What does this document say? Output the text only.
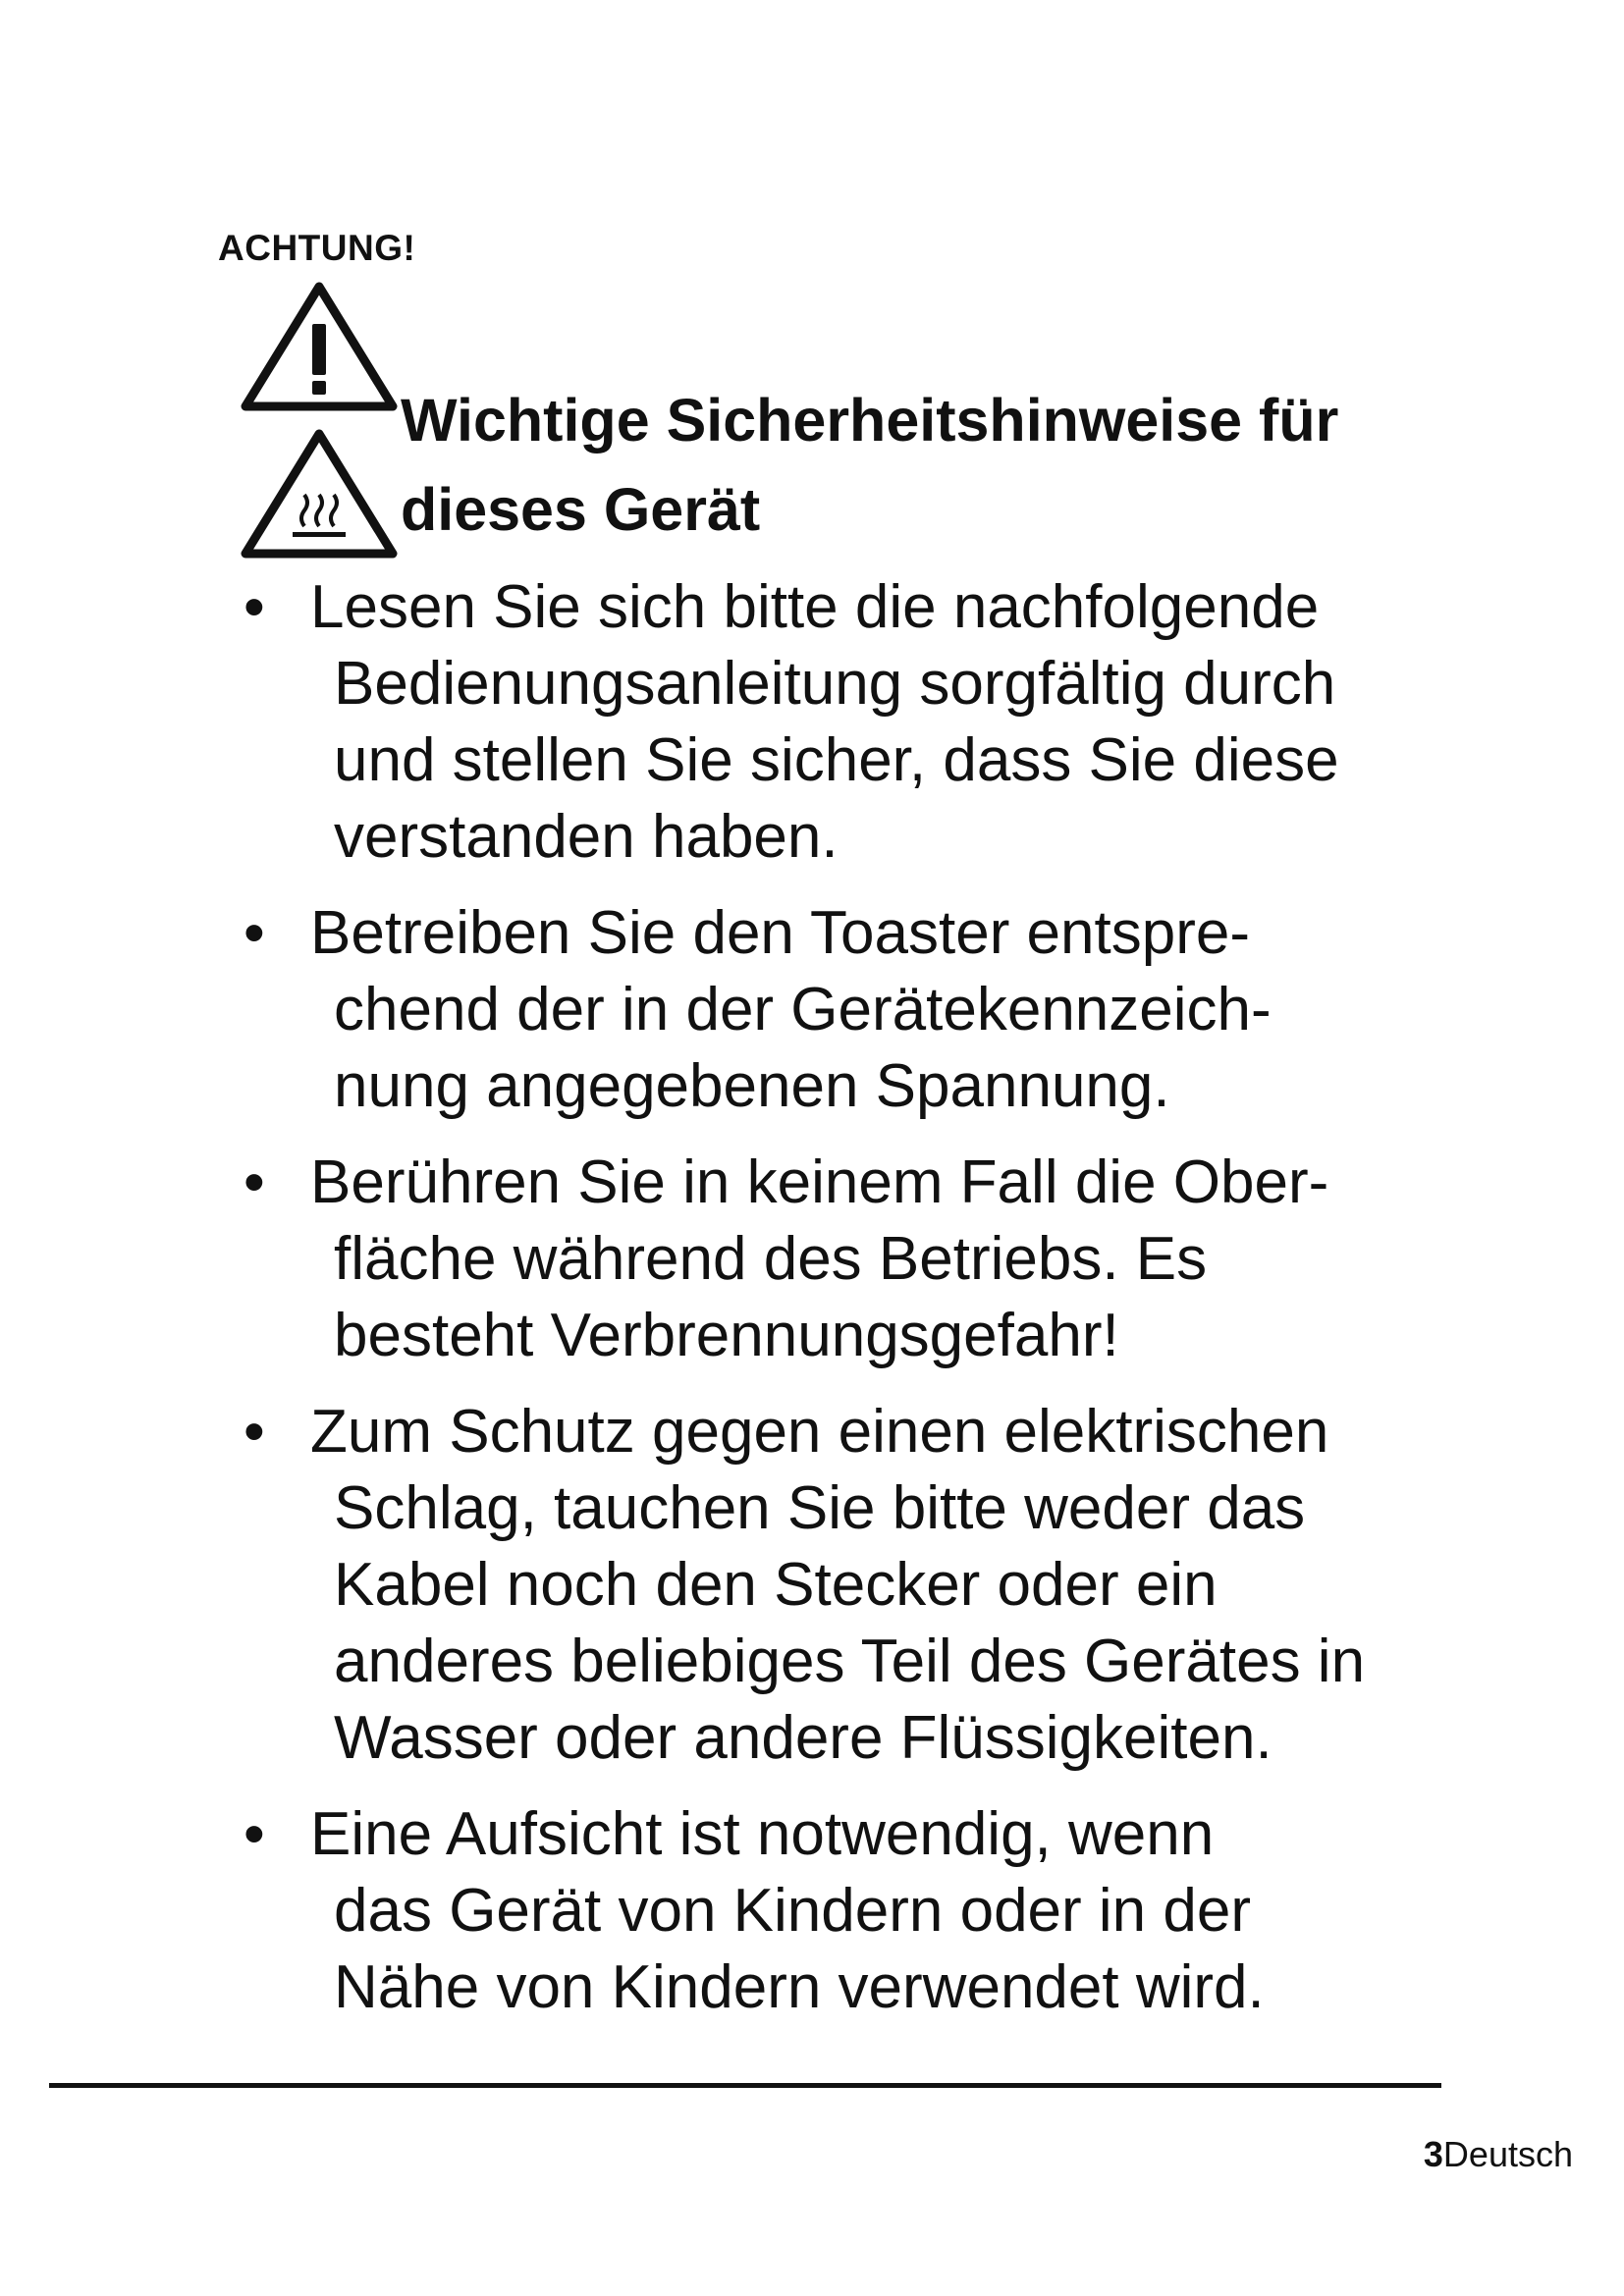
ACHTUNG!

Wichtige Sicherheitshinweise für
dieses Gerät
• Lesen Sie sich bitte die nachfolgende
Bedienungsanleitung sorgfältig durch
und stellen Sie sicher, dass Sie diese
verstanden haben.
• Betreiben Sie den Toaster entspre-
chend der in der Gerätekennzeich-
nung angegebenen Spannung.
• Berühren Sie in keinem Fall die Ober-
fläche während des Betriebs. Es
besteht Verbrennungsgefahr!
• Zum Schutz gegen einen elektrischen
Schlag, tauchen Sie bitte weder das
Kabel noch den Stecker oder ein
anderes beliebiges Teil des Gerätes in
Wasser oder andere Flüssigkeiten.
• Eine Aufsicht ist notwendig, wenn
das Gerät von Kindern oder in der
Nähe von Kindern verwendet wird.

3Deutsch
